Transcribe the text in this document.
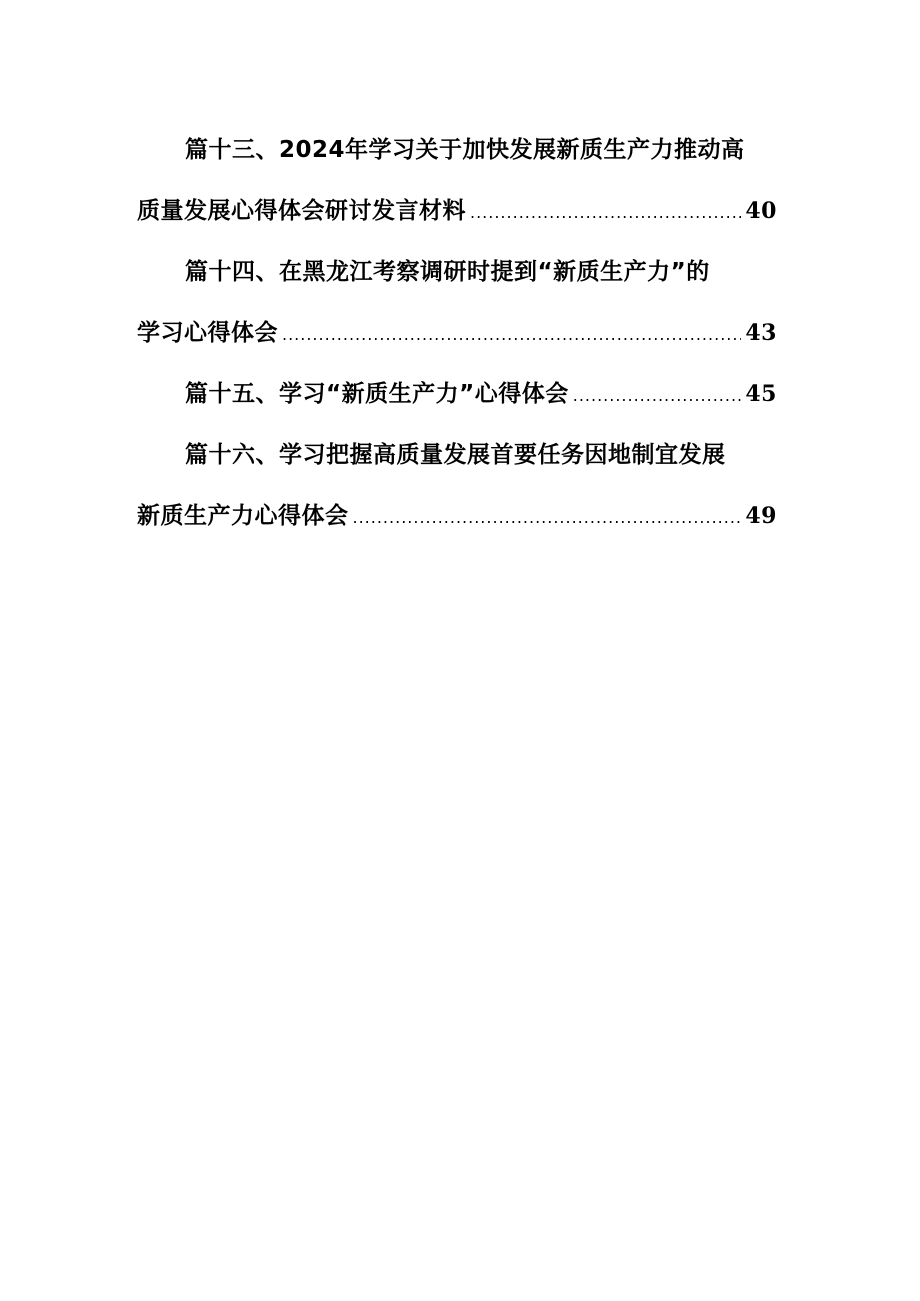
篇十三、2024年学习关于加快发展新质生产力推动高
质量发展心得体会研讨发言材料 .....	40
篇十四、在黑龙江考察调研时提到“新质生产力”的
学习心得体会 .....	43
篇十五、学习“新质生产力”心得体会 .....	45
篇十六、学习把握高质量发展首要任务因地制宜发展
新质生产力心得体会 .....	49
